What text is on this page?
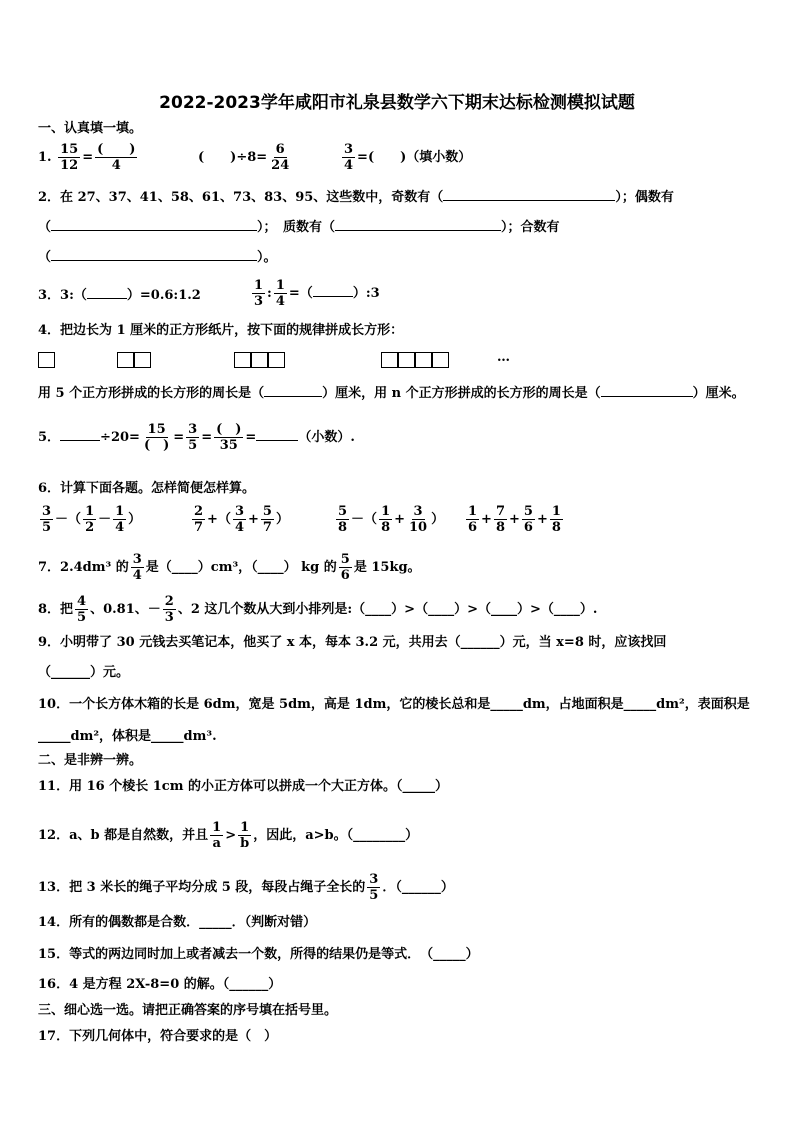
2022-2023学年咸阳市礼泉县数学六下期末达标检测模拟试题
一、认真填一填。
1. $\frac{15}{12} = \frac{( )}{4}$	(　　)$\div 8= \frac{6}{24}$	$\frac{3}{4}$ =(　　)（填小数）
2．在 27、37、41、58、61、73、83、95、这些数中，奇数有（	）；偶数有
（	）；　质数有（	）；合数有
（	）。
3．3:（	）=0.6:1.2	$\frac{1}{3}$ : $\frac{1}{4}$ =（	）:3
4．把边长为 1 厘米的正方形纸片，按下面的规律拼成长方形：
…
用 5 个正方形拼成的长方形的周长是（	）厘米，用 n 个正方形拼成的长方形的周长是（	）厘米。
5．	$\div 20= \frac{15}{( )} = \frac{3}{5} = \frac{( )}{35}$ =	（小数）.
6．计算下面各题。怎样简便怎样算。
$\frac{3}{5}$ －（ $\frac{1}{2} - \frac{1}{4}$ ）	$\frac{2}{7}$ +（ $\frac{3}{4} + \frac{5}{7}$ ）	$\frac{5}{8}$ －（ $\frac{1}{8} + \frac{3}{10}$ ） $\frac{1}{6} + \frac{7}{8} + \frac{5}{6} + \frac{1}{8}$
7．2.4dm³ 的 $\frac{3}{4}$ 是（____）cm³，（____） kg 的 $\frac{5}{6}$ 是 15kg。
8．把 $\frac{4}{5}$ 、0.81、－ $\frac{2}{3}$ 、2 这几个数从大到小排列是:（____）>（____）>（____）>（____）.
9．小明带了 30 元钱去买笔记本，他买了 x 本，每本 3.2 元，共用去（______）元，当 x=8 时，应该找回
（______）元。
10．一个长方体木箱的长是 6dm，宽是 5dm，高是 1dm，它的棱长总和是_____dm，占地面积是_____dm²，表面积是
_____dm²，体积是_____dm³.
二、是非辨一辨。
11．用 16 个棱长 1cm 的小正方体可以拼成一个大正方体。（_____）
12．a、b 都是自然数，并且 $\frac{1}{a} > \frac{1}{b}$ ，因此，a>b。（________）
13．把 3 米长的绳子平均分成 5 段，每段占绳子全长的 $\frac{3}{5}$ ．（______）
14．所有的偶数都是合数．_____．（判断对错）
15．等式的两边同时加上或者减去一个数，所得的结果仍是等式．　（_____）
16．4 是方程 2X-8=0 的解。（______）
三、细心选一选。请把正确答案的序号填在括号里。
17．下列几何体中，符合要求的是（　）
